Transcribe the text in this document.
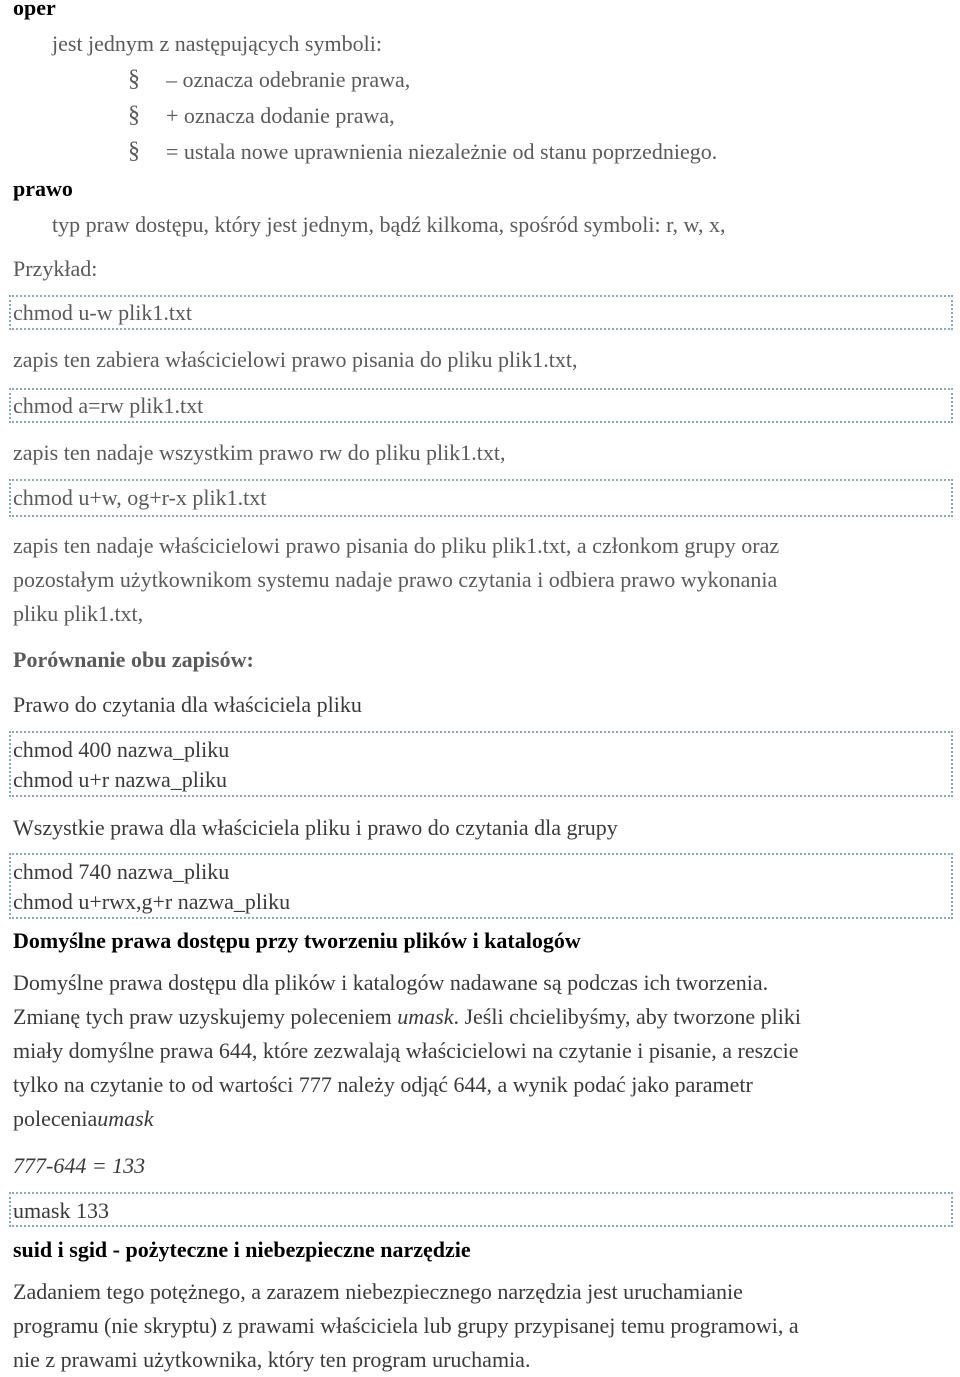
oper
jest jednym z następujących symboli:
§ – oznacza odebranie prawa,
§ + oznacza dodanie prawa,
§ = ustala nowe uprawnienia niezależnie od stanu poprzedniego.
prawo
typ praw dostępu, który jest jednym, bądź kilkoma, spośród symboli: r, w, x,
Przykład:
chmod u-w plik1.txt
zapis ten zabiera właścicielowi prawo pisania do pliku plik1.txt,
chmod a=rw plik1.txt
zapis ten nadaje wszystkim prawo rw do pliku plik1.txt,
chmod u+w, og+r-x plik1.txt
zapis ten nadaje właścicielowi prawo pisania do pliku plik1.txt, a członkom grupy oraz
pozostałym użytkownikom systemu nadaje prawo czytania i odbiera prawo wykonania
pliku plik1.txt,
Porównanie obu zapisów:
Prawo do czytania dla właściciela pliku
chmod 400 nazwa_pliku
chmod u+r nazwa_pliku
Wszystkie prawa dla właściciela pliku i prawo do czytania dla grupy
chmod 740 nazwa_pliku
chmod u+rwx,g+r nazwa_pliku
Domyślne prawa dostępu przy tworzeniu plików i katalogów
Domyślne prawa dostępu dla plików i katalogów nadawane są podczas ich tworzenia.
Zmianę tych praw uzyskujemy poleceniem umask. Jeśli chcielibyśmy, aby tworzone pliki
miały domyślne prawa 644, które zezwalają właścicielowi na czytanie i pisanie, a reszcie
tylko na czytanie to od wartości 777 należy odjąć 644, a wynik podać jako parametr
poleceniaumask
777-644 = 133
umask 133
suid i sgid - pożyteczne i niebezpieczne narzędzie
Zadaniem tego potężnego, a zarazem niebezpiecznego narzędzia jest uruchamianie
programu (nie skryptu) z prawami właściciela lub grupy przypisanej temu programowi, a
nie z prawami użytkownika, który ten program uruchamia.
